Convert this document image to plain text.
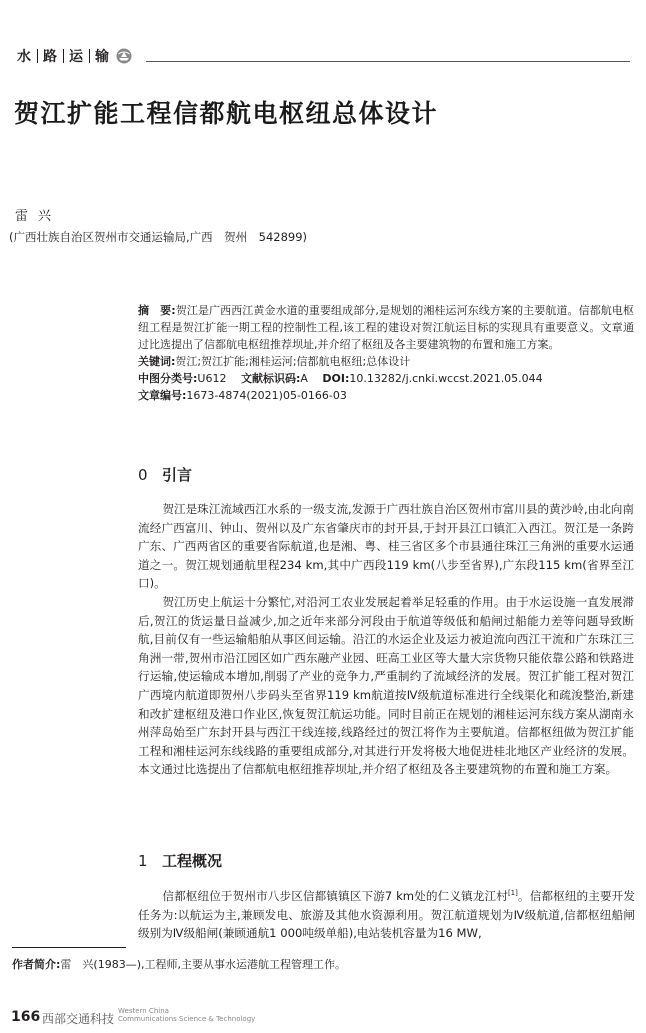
水 路 运 输
贺江扩能工程信都航电枢纽总体设计
雷兴
(广西壮族自治区贺州市交通运输局,广西　贺州　542899)

摘　要:贺江是广西西江黄金水道的重要组成部分,是规划的湘桂运河东线方案的主要航道。信都航电枢纽工程是贺江扩能一期工程的控制性工程,该工程的建设对贺江航运目标的实现具有重要意义。文章通过比选提出了信都航电枢纽推荐坝址,并介绍了枢纽及各主要建筑物的布置和施工方案。

关键词:贺江;贺江扩能;湘桂运河;信都航电枢纽;总体设计

中图分类号:U612　 文献标识码:A　 DOI:10.13282/j.cnki.wccst.2021.05.044

文章编号:1673-4874(2021)05-0166-03

0 引言

贺江是珠江流域西江水系的一级支流,发源于广西壮族自治区贺州市富川县的黄沙岭,由北向南流经广西富川、钟山、贺州以及广东省肇庆市的封开县,于封开县江口镇汇入西江。贺江是一条跨广东、广西两省区的重要省际航道,也是湘、粤、桂三省区多个市县通往珠江三角洲的重要水运通道之一。贺江规划通航里程234 km,其中广西段119 km(八步至省界),广东段115 km(省界至江口)。

贺江历史上航运十分繁忙,对沿河工农业发展起着举足轻重的作用。由于水运设施一直发展滞后,贺江的货运量日益减少,加之近年来部分河段由于航道等级低和船闸过船能力差等问题导致断航,目前仅有一些运输船舶从事区间运输。沿江的水运企业及运力被迫流向西江干流和广东珠江三角洲一带,贺州市沿江园区如广西东融产业园、旺高工业区等大量大宗货物只能依靠公路和铁路进行运输,使运输成本增加,削弱了产业的竞争力,严重制约了流域经济的发展。贺江扩能工程对贺江广西境内航道即贺州八步码头至省界119 km航道按Ⅳ级航道标准进行全线渠化和疏浚整治,新建和改扩建枢纽及港口作业区,恢复贺江航运功能。同时目前正在规划的湘桂运河东线方案从湖南永州萍岛始至广东封开县与西江干线连接,线路经过的贺江将作为主要航道。信都枢纽做为贺江扩能工程和湘桂运河东线线路的重要组成部分,对其进行开发将极大地促进桂北地区产业经济的发展。本文通过比选提出了信都航电枢纽推荐坝址,并介绍了枢纽及各主要建筑物的布置和施工方案。

1 工程概况

信都枢纽位于贺州市八步区信都镇镇区下游7 km处的仁义镇龙江村[1]。信都枢纽的主要开发任务为:以航运为主,兼顾发电、旅游及其他水资源利用。贺江航道规划为Ⅳ级航道,信都枢纽船闸级别为Ⅳ级船闸(兼顾通航1 000吨级单船),电站装机容量为16 MW,

作者简介:雷　兴(1983—),工程师,主要从事水运港航工程管理工作。
166 西部交通科技
Western China
Communications Science & Technology
